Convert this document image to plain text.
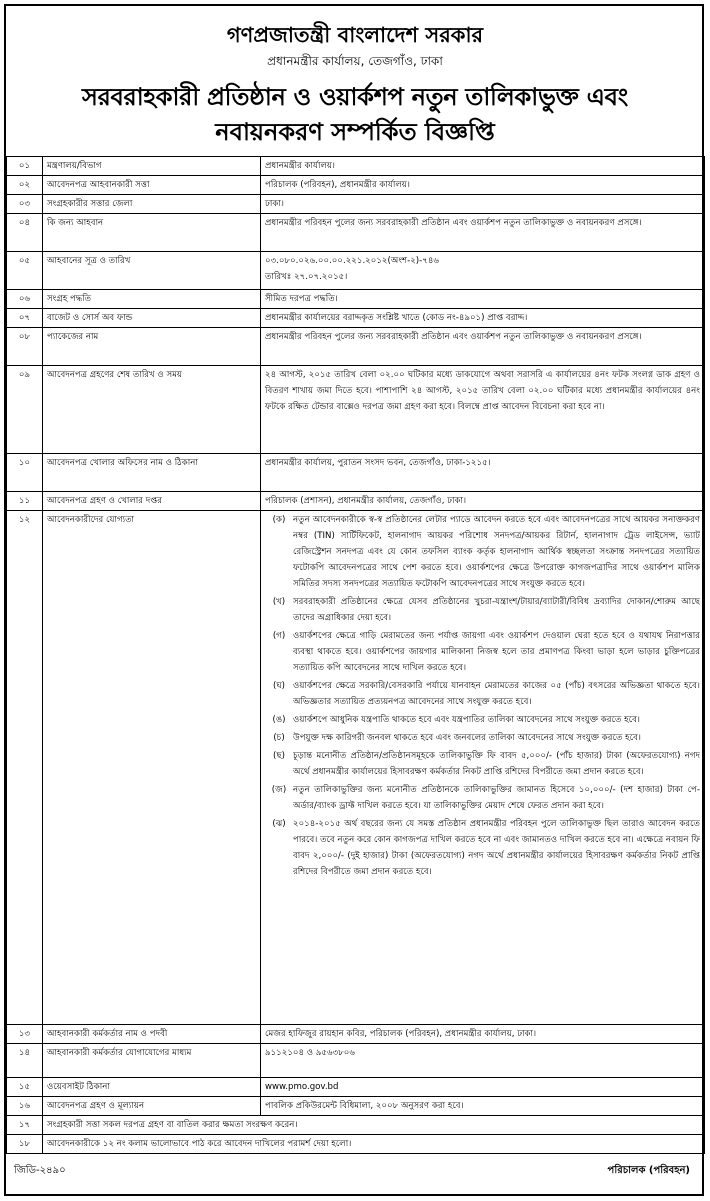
গণপ্রজাতন্ত্রী বাংলাদেশ সরকার
প্রধানমন্ত্রীর কার্যালয়, তেজগাঁও, ঢাকা
সরবরাহকারী প্রতিষ্ঠান ও ওয়ার্কশপ নতুন তালিকাভুক্ত এবং
নবায়নকরণ সম্পর্কিত বিজ্ঞপ্তি
০১	মন্ত্রণালয়/বিভাগ	প্রধানমন্ত্রীর কার্যালয়।
০২	আবেদনপত্র আহবানকারী সত্তা	পরিচালক (পরিবহন), প্রধানমন্ত্রীর কার্যালয়।
০৩	সংগ্রহকারীর সত্তার জেলা	ঢাকা।
০৪	কি জন্য আহবান	প্রধানমন্ত্রীর পরিবহন পুলের জন্য সরবরাহকারী প্রতিষ্ঠান এবং ওয়ার্কশপ নতুন তালিকাভুক্ত ও নবায়নকরণ প্রসঙ্গে।
০৫	আহবানের সূত্র ও তারিখ	০৩.০৮০.০২৬.০০.০০.২২১.২০১২(অংশ-২)-৭৪৬
তারিখঃ ২৭.০৭.২০১৫।

০৬	সংগ্রহ পদ্ধতি	সীমিত দরপত্র পদ্ধতি।
০৭	বাজেট ও সোর্স অব ফান্ড	প্রধানমন্ত্রীর কার্যালয়ের বরাদ্দকৃত সংশ্লিষ্ট খাতে (কোড নং-৪৯০১) প্রাপ্ত বরাদ্দ।
০৮	প্যাকেজের নাম	প্রধানমন্ত্রীর পরিবহন পুলের জন্য সরবরাহকারী প্রতিষ্ঠান এবং ওয়ার্কশপ নতুন তালিকাভুক্ত ও নবায়নকরণ প্রসঙ্গে।
০৯	আবেদনপত্র গ্রহণের শেষ তারিখ ও সময়	২৪ আগস্ট, ২০১৫ তারিখ বেলা ০২.০০ ঘটিকার মধ্যে ডাকযোগে অথবা সরাসরি এ কার্যালয়ের ৪নং ফটক সংলগ্ন ডাক গ্রহণ ও বিতরণ শাখায় জমা দিতে হবে। পাশাপাশি ২৪ আগস্ট, ২০১৫ তারিখ বেলা ০২.০০ ঘটিকার মধ্যে প্রধানমন্ত্রীর কার্যালয়ের ৪নং ফটকে রক্ষিত টেন্ডার বাক্সেও দরপত্র জমা গ্রহণ করা হবে। বিলম্বে প্রাপ্ত আবেদন বিবেচনা করা হবে না।
১০	আবেদনপত্র খোলার অফিসের নাম ও ঠিকানা	প্রধানমন্ত্রীর কার্যালয়, পুরাতন সংসদ ভবন, তেজগাঁও, ঢাকা-১২১৫।
১১	আবেদনপত্র গ্রহণ ও খোলার দপ্তর	পরিচালক (প্রশাসন), প্রধানমন্ত্রীর কার্যালয়, তেজগাঁও, ঢাকা।
১২	আবেদনকারীদের যোগ্যতা		(ক)	নতুন আবেদনকারীকে স্ব-স্ব প্রতিষ্ঠানের লেটার প্যাডে আবেদন করতে হবে এবং আবেদনপত্রের সাথে আয়কর সনাক্তকরণ নম্বর (TIN) সার্টিফিকেট, হালনাগাদ আয়কর পরিশোধ সনদপত্র/আয়কর রিটার্ন, হালনাগাদ ট্রেড লাইসেন্স, ভ্যাট রেজিস্ট্রেশন সনদপত্র এবং যে কোন তফসিল ব্যাংক কর্তৃক হালনাগাদ আর্থিক স্বচ্ছলতা সংক্রান্ত সনদপত্রের সত্যায়িত ফটোকপি আবেদনপত্রের সাথে পেশ করতে হবে। ওয়ার্কশপের ক্ষেত্রে উপরোক্ত কাগজপত্রাদির সাথে ওয়ার্কশপ মালিক সমিতির সদস্য সনদপত্রের সত্যায়িত ফটোকপি আবেদনপত্রের সাথে সংযুক্ত করতে হবে।
(খ)	সরবরাহকারী প্রতিষ্ঠানের ক্ষেত্রে যেসব প্রতিষ্ঠানের খুচরা-যন্ত্রাংশ/টায়ার/ব্যাটারী/বিবিধ দ্রব্যাদির দোকান/শোরুম আছে তাদের অগ্রাধিকার দেয়া হবে।
(গ)	ওয়ার্কশপের ক্ষেত্রে গাড়ি মেরামতের জন্য পর্যাপ্ত জায়গা এবং ওয়ার্কশপ দেওয়াল ঘেরা হতে হবে ও যথাযথ নিরাপত্তার ব্যবস্থা থাকতে হবে। ওয়ার্কশপের জায়গার মালিকানা নিজস্ব হলে তার প্রমাণপত্র কিংবা ভাড়া হলে ভাড়ার চুক্তিপত্রের সত্যায়িত কপি আবেদনের সাথে দাখিল করতে হবে।
(ঘ)	ওয়ার্কশপের ক্ষেত্রে সরকারি/বেসরকারি পর্যায়ে যানবাহন মেরামতের কাজের ০৫ (পাঁচ) বৎসরের অভিজ্ঞতা থাকতে হবে। অভিজ্ঞতার সত্যায়িত প্রত্যয়নপত্র আবেদনের সাথে সংযুক্ত করতে হবে।
(ঙ)	ওয়ার্কশপে আধুনিক যন্ত্রপাতি থাকতে হবে এবং যন্ত্রপাতির তালিকা আবেদনের সাথে সংযুক্ত করতে হবে।
(চ)	উপযুক্ত দক্ষ কারিগরী জনবল থাকতে হবে এবং জনবলের তালিকা আবেদনের সাথে সংযুক্ত করতে হবে।
(ছ)	চূড়ান্ত মনোনীত প্রতিষ্ঠান/প্রতিষ্ঠানসমূহকে তালিকাভুক্তি ফি বাবদ ৫,০০০/- (পাঁচ হাজার) টাকা (অফেরতযোগ্য) নগদ অর্থে প্রধানমন্ত্রীর কার্যালয়ের হিসাবরক্ষণ কর্মকর্তার নিকট প্রাপ্তি রশিদের বিপরীতে জমা প্রদান করতে হবে।
(জ)	নতুন তালিকাভুক্তির জন্য মনোনীত প্রতিষ্ঠানকে তালিকাভুক্তির জামানত হিসেবে ১০,০০০/- (দশ হাজার) টাকা পে-অর্ডার/ব্যাংক ড্রাফ্ট দাখিল করতে হবে। যা তালিকাভুক্তির মেয়াদ শেষে ফেরত প্রদান করা হবে।
(ঝ)	২০১৪-২০১৫ অর্থ বছরের জন্য যে সমস্ত প্রতিষ্ঠান প্রধানমন্ত্রীর পরিবহন পুলে তালিকাভুক্ত ছিল তারাও আবেদন করতে পারবে। তবে নতুন করে কোন কাগজপত্র দাখিল করতে হবে না এবং জামানতও দাখিল করতে হবে না। এক্ষেত্রে নবায়ন ফি বাবদ ২,০০০/- (দুই হাজার) টাকা (অফেরতযোগ্য) নগদ অর্থে প্রধানমন্ত্রীর কার্যালয়ের হিসাবরক্ষণ কর্মকর্তার নিকট প্রাপ্তি রশিদের বিপরীতে জমা প্রদান করতে হবে।

১৩	আহবানকারী কর্মকর্তার নাম ও পদবী	মেজর হাফিজুর রায়হান কবির, পরিচালক (পরিবহন), প্রধানমন্ত্রীর কার্যালয়, ঢাকা।
১৪	আহবানকারী কর্মকর্তার যোগাযোগের মাধ্যম	৯১১২১০৪ ও ৯৫৬৩৮০৬
১৫	ওয়েবসাইট ঠিকানা	www.pmo.gov.bd
১৬	আবেদনপত্র গ্রহণ ও মূল্যায়ন	পাবলিক প্রকিউরমেন্ট বিধিমালা, ২০০৮ অনুসরণ করা হবে।
১৭	সংগ্রহকারী সত্তা সকল দরপত্র গ্রহণ বা বাতিল করার ক্ষমতা সংরক্ষণ করেন।
১৮	আবেদনকারীকে ১২ নং কলাম ভালোভাবে পাঠ করে আবেদন দাখিলের পরামর্শ দেয়া হলো।
জিডি-২৪৯০	পরিচালক (পরিবহন)
